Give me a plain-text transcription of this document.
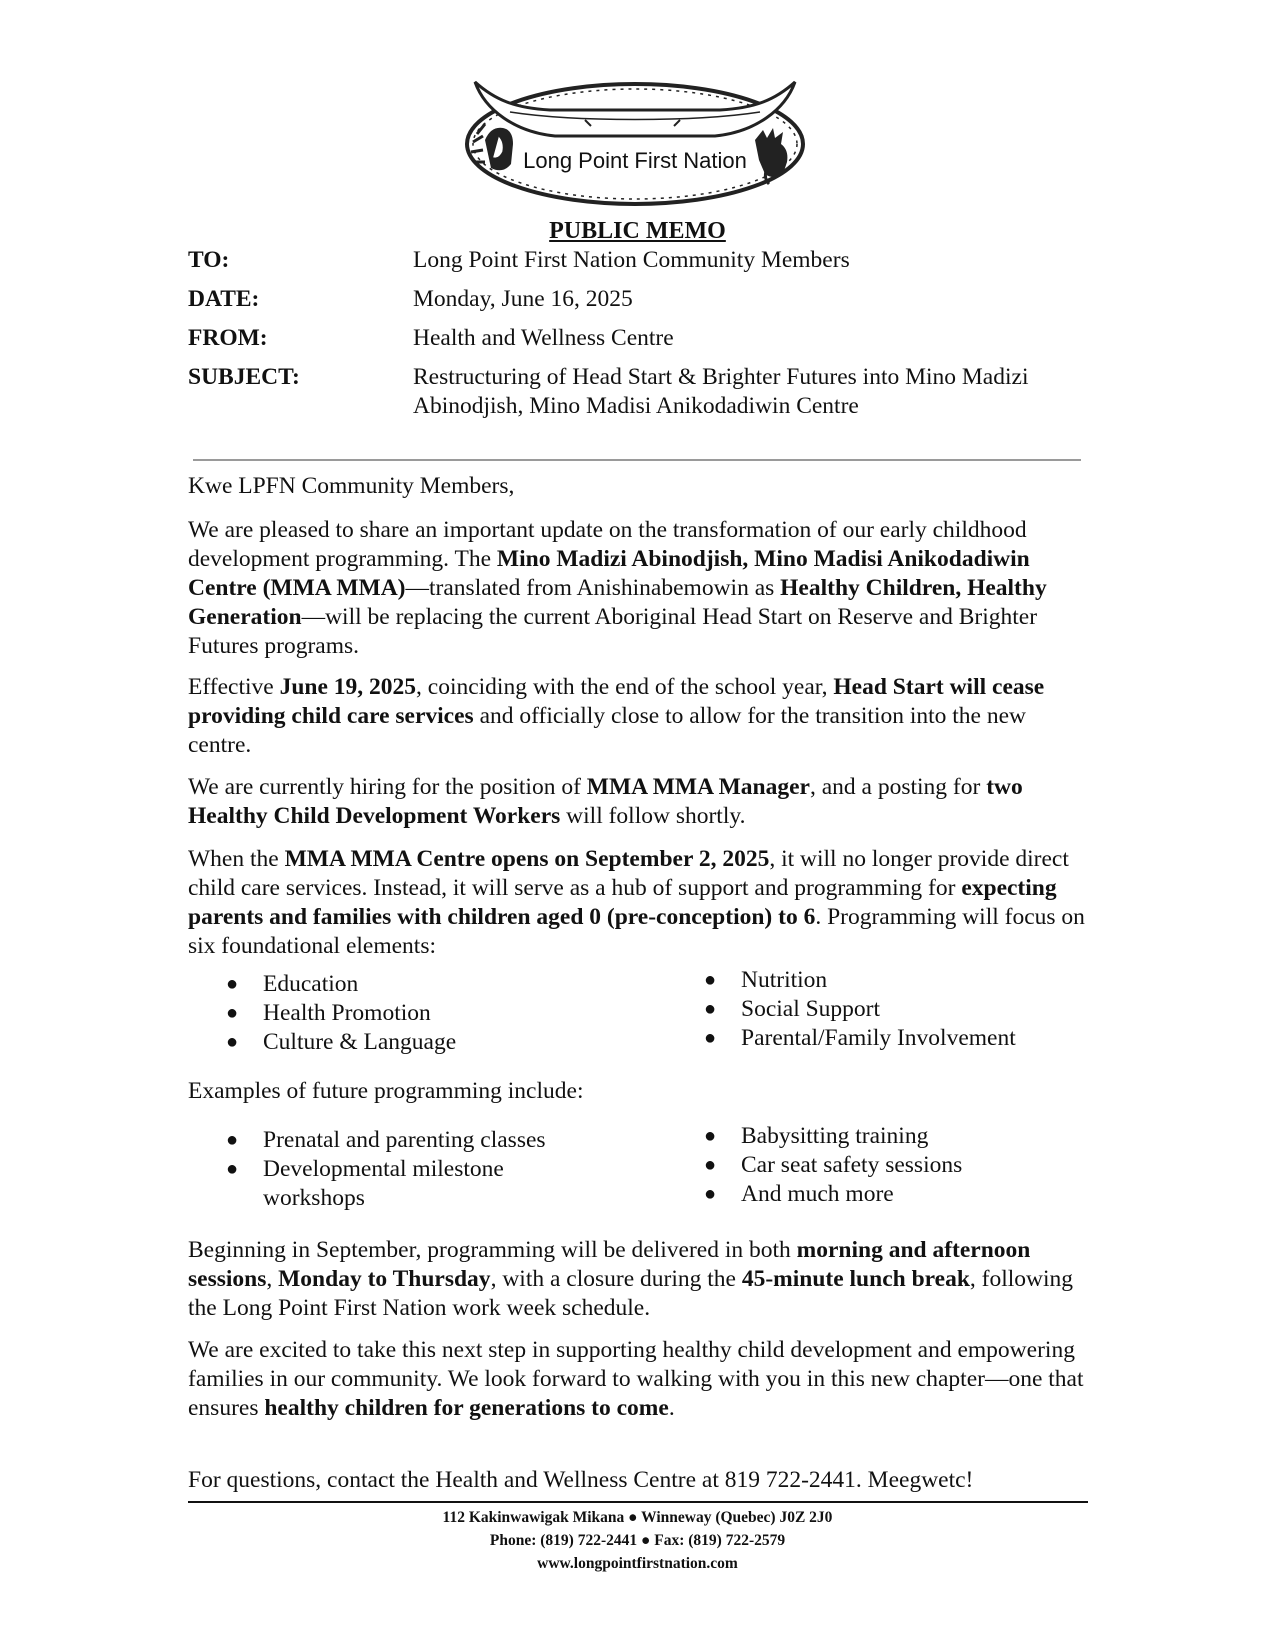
Long Point First Nation
PUBLIC MEMO
TO:	Long Point First Nation Community Members
DATE:	Monday, June 16, 2025
FROM:	Health and Wellness Centre
SUBJECT:	Restructuring of Head Start & Brighter Futures into Mino Madizi
Abinodjish, Mino Madisi Anikodadiwin Centre
Kwe LPFN Community Members,
We are pleased to share an important update on the transformation of our early childhood development programming. The Mino Madizi Abinodjish, Mino Madisi Anikodadiwin Centre (MMA MMA)—translated from Anishinabemowin as Healthy Children, Healthy Generation—will be replacing the current Aboriginal Head Start on Reserve and Brighter Futures programs.
Effective June 19, 2025, coinciding with the end of the school year, Head Start will cease providing child care services and officially close to allow for the transition into the new centre.
We are currently hiring for the position of MMA MMA Manager, and a posting for two Healthy Child Development Workers will follow shortly.
When the MMA MMA Centre opens on September 2, 2025, it will no longer provide direct child care services. Instead, it will serve as a hub of support and programming for expecting parents and families with children aged 0 (pre-conception) to 6. Programming will focus on six foundational elements:
● Education
● Health Promotion
● Culture & Language
● Nutrition
● Social Support
● Parental/Family Involvement
Examples of future programming include:
● Prenatal and parenting classes
● Developmental milestone workshops
● Babysitting training
● Car seat safety sessions
● And much more
Beginning in September, programming will be delivered in both morning and afternoon sessions, Monday to Thursday, with a closure during the 45-minute lunch break, following the Long Point First Nation work week schedule.
We are excited to take this next step in supporting healthy child development and empowering families in our community. We look forward to walking with you in this new chapter—one that ensures healthy children for generations to come.
For questions, contact the Health and Wellness Centre at 819 722-2441. Meegwetc!
112 Kakinwawigak Mikana ● Winneway (Quebec) J0Z 2J0
Phone: (819) 722-2441 ● Fax: (819) 722-2579
www.longpointfirstnation.com
